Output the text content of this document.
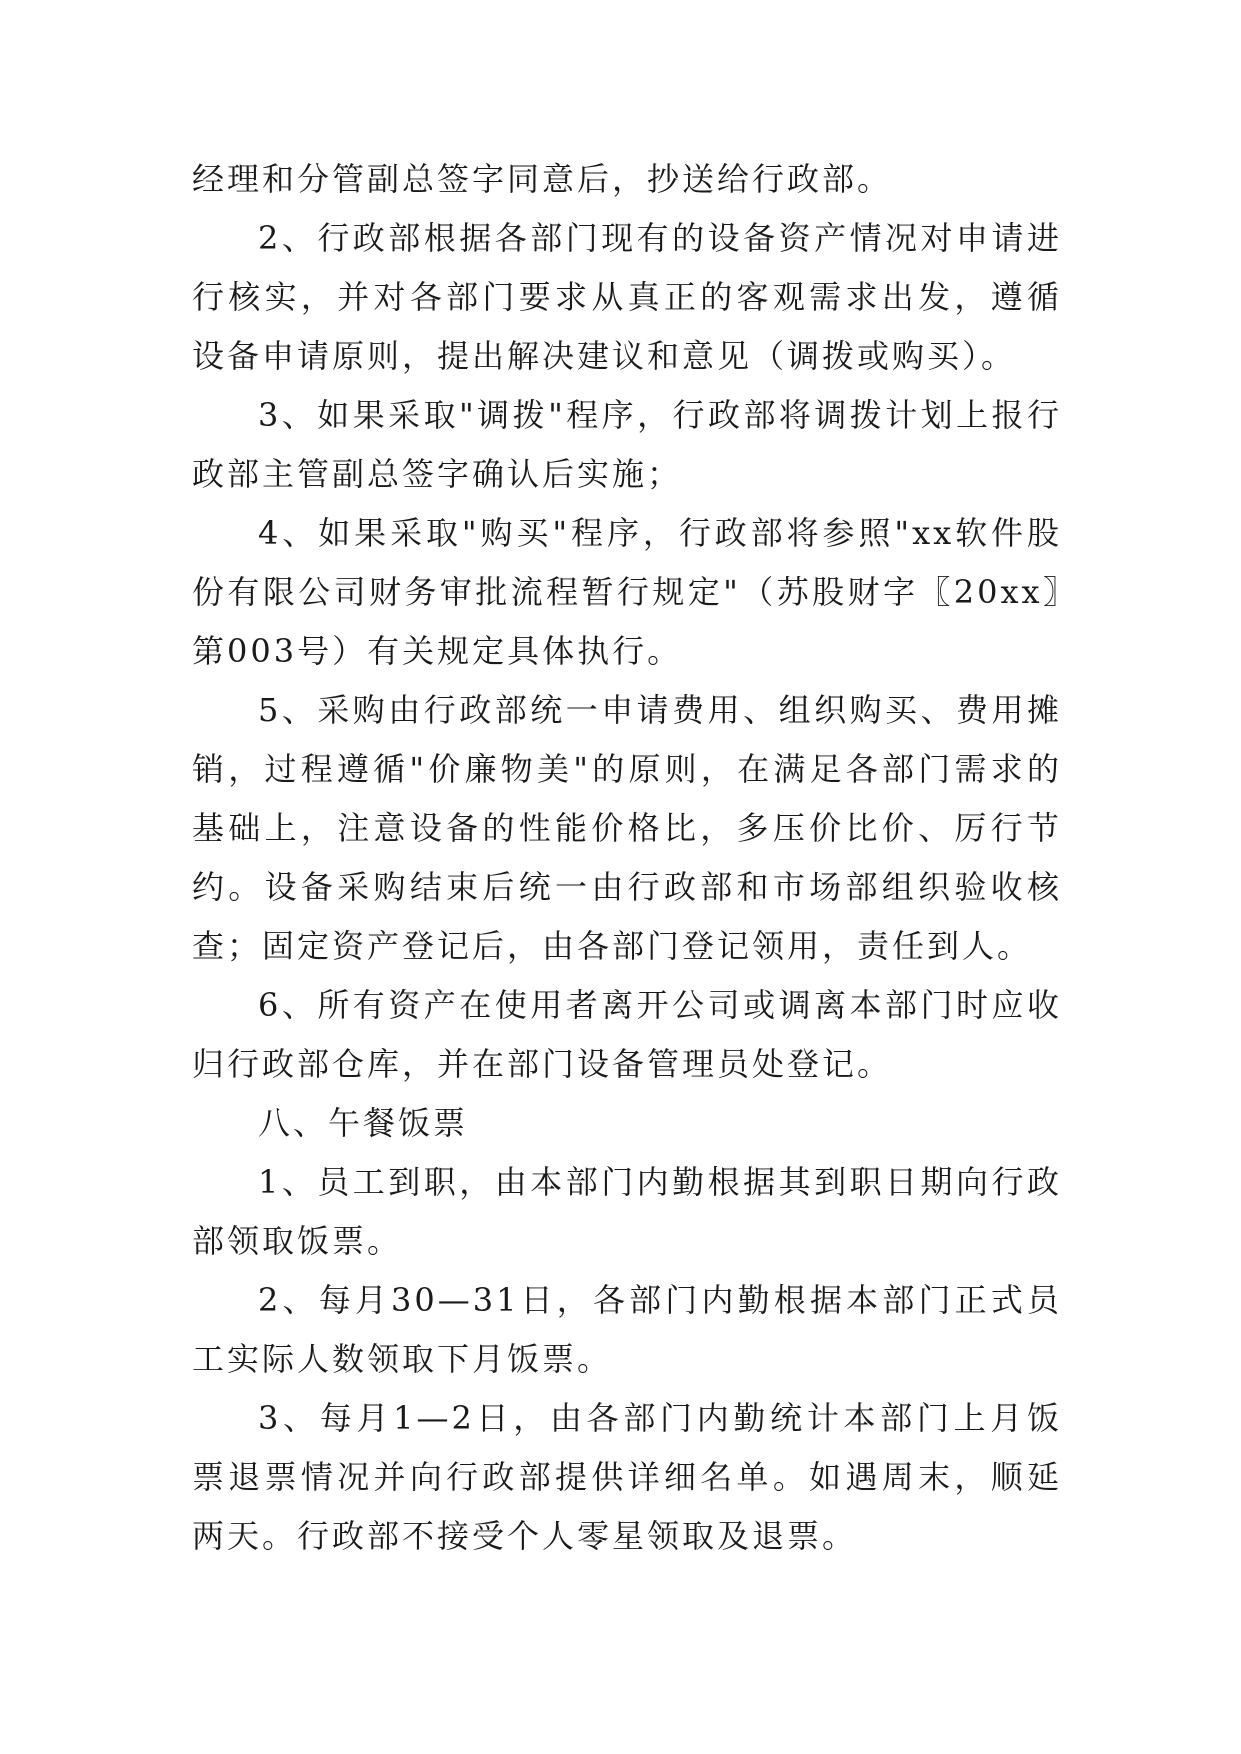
经理和分管副总签字同意后，抄送给行政部。

2、行政部根据各部门现有的设备资产情况对申请进行核实，并对各部门要求从真正的客观需求出发，遵循设备申请原则，提出解决建议和意见（调拨或购买）。

3、如果采取"调拨"程序，行政部将调拨计划上报行政部主管副总签字确认后实施；

4、如果采取"购买"程序，行政部将参照"xx软件股份有限公司财务审批流程暂行规定"（苏股财字〖20xx〗第003号）有关规定具体执行。

5、采购由行政部统一申请费用、组织购买、费用摊销，过程遵循"价廉物美"的原则，在满足各部门需求的基础上，注意设备的性能价格比，多压价比价、厉行节约。设备采购结束后统一由行政部和市场部组织验收核查；固定资产登记后，由各部门登记领用，责任到人。

6、所有资产在使用者离开公司或调离本部门时应收归行政部仓库，并在部门设备管理员处登记。

八、午餐饭票

1、员工到职，由本部门内勤根据其到职日期向行政部领取饭票。

2、每月30—31日，各部门内勤根据本部门正式员工实际人数领取下月饭票。

3、每月1—2日，由各部门内勤统计本部门上月饭票退票情况并向行政部提供详细名单。如遇周末，顺延两天。行政部不接受个人零星领取及退票。
